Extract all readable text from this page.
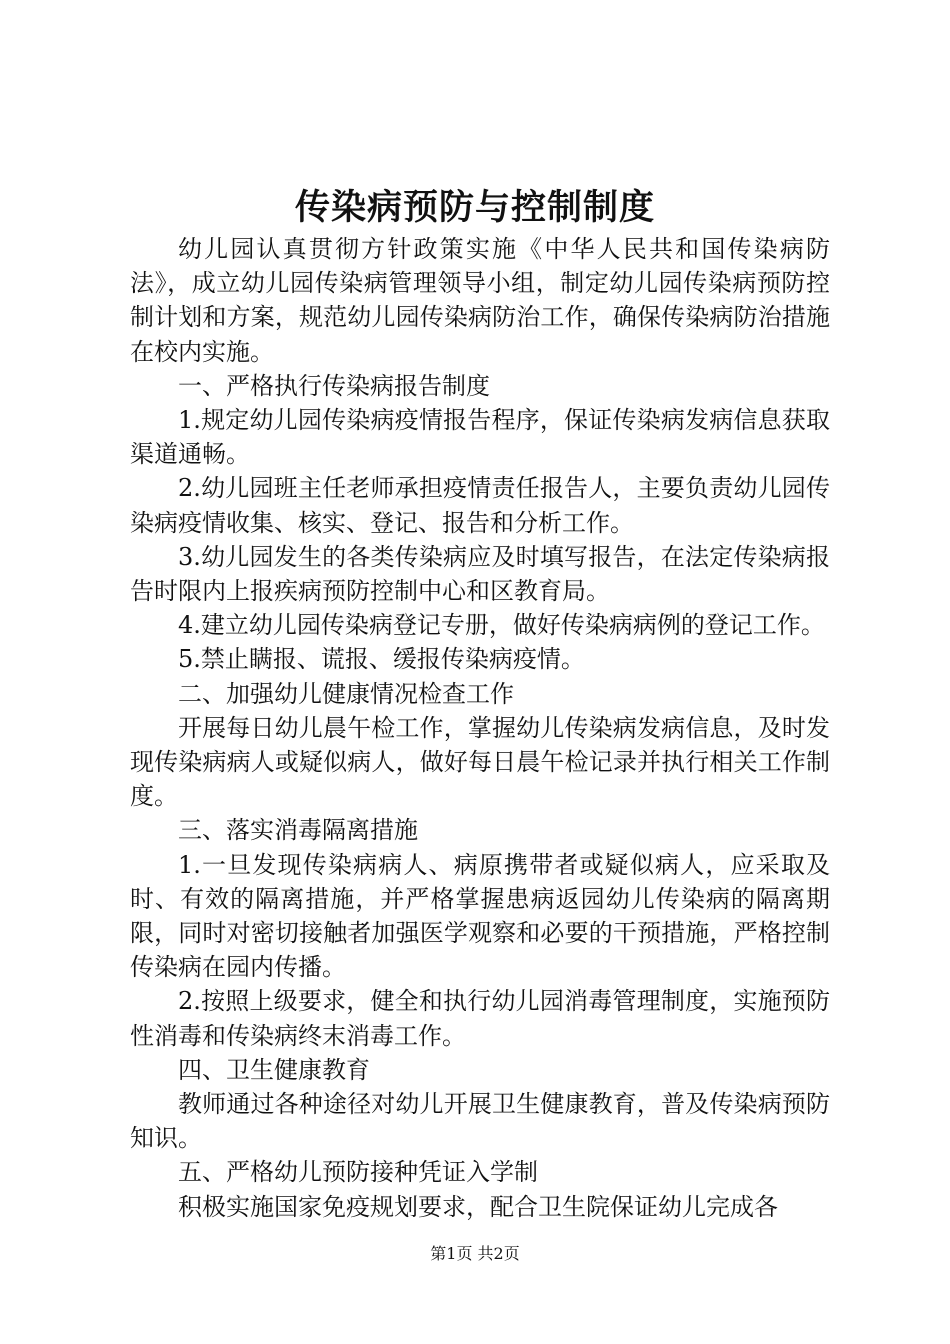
传染病预防与控制制度

幼儿园认真贯彻方针政策实施《中华人民共和国传染病防法》，成立幼儿园传染病管理领导小组，制定幼儿园传染病预防控制计划和方案，规范幼儿园传染病防治工作，确保传染病防治措施在校内实施。

一、严格执行传染病报告制度

1.规定幼儿园传染病疫情报告程序，保证传染病发病信息获取渠道通畅。

2.幼儿园班主任老师承担疫情责任报告人，主要负责幼儿园传染病疫情收集、核实、登记、报告和分析工作。

3.幼儿园发生的各类传染病应及时填写报告，在法定传染病报告时限内上报疾病预防控制中心和区教育局。

4.建立幼儿园传染病登记专册，做好传染病病例的登记工作。

5.禁止瞒报、谎报、缓报传染病疫情。

二、加强幼儿健康情况检查工作

开展每日幼儿晨午检工作，掌握幼儿传染病发病信息，及时发现传染病病人或疑似病人，做好每日晨午检记录并执行相关工作制度。

三、落实消毒隔离措施

1.一旦发现传染病病人、病原携带者或疑似病人，应采取及时、有效的隔离措施，并严格掌握患病返园幼儿传染病的隔离期限，同时对密切接触者加强医学观察和必要的干预措施，严格控制传染病在园内传播。

2.按照上级要求，健全和执行幼儿园消毒管理制度，实施预防性消毒和传染病终末消毒工作。

四、卫生健康教育

教师通过各种途径对幼儿开展卫生健康教育，普及传染病预防知识。

五、严格幼儿预防接种凭证入学制

积极实施国家免疫规划要求，配合卫生院保证幼儿完成各

第1页 共2页
